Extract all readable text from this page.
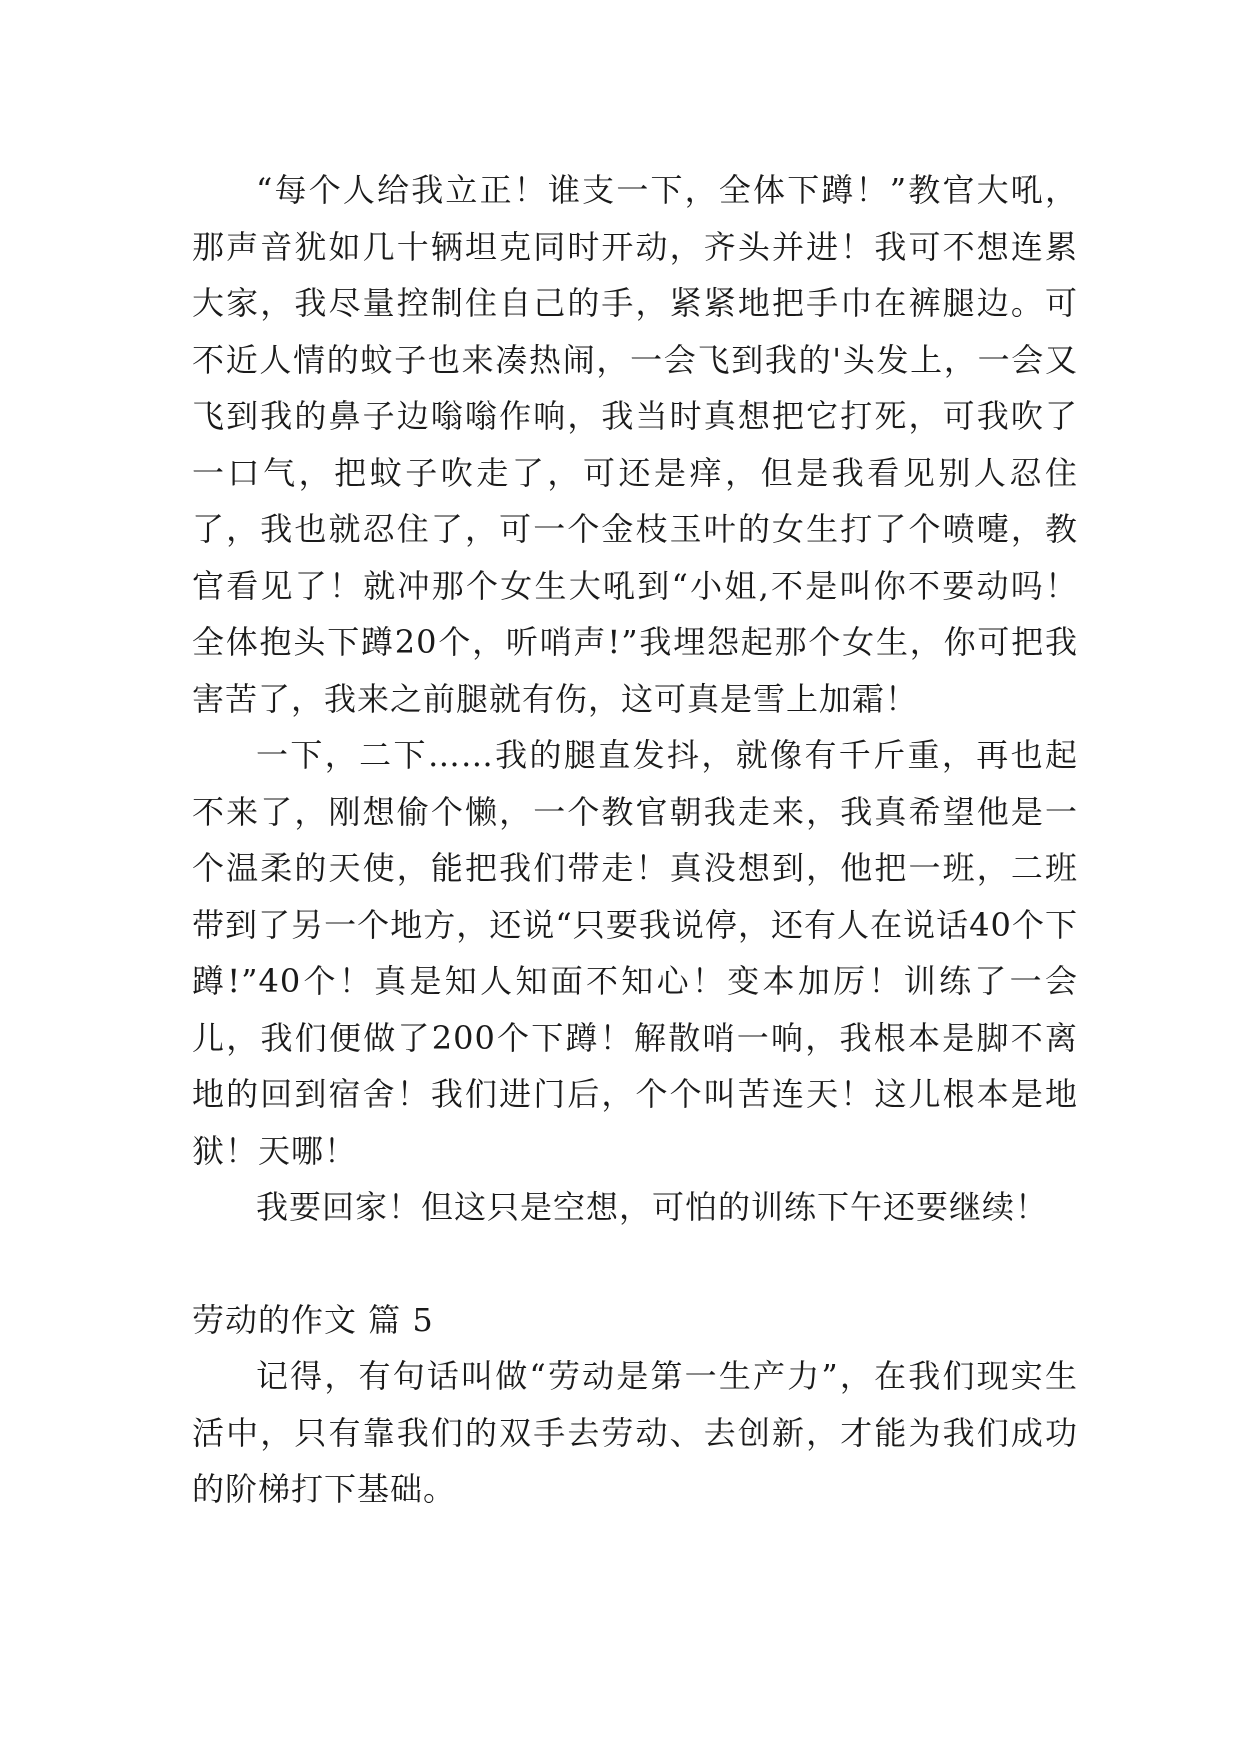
“每个人给我立正！谁支一下，全体下蹲！”教官大吼，那声音犹如几十辆坦克同时开动，齐头并进！我可不想连累大家，我尽量控制住自己的手，紧紧地把手巾在裤腿边。可不近人情的蚊子也来凑热闹，一会飞到我的'头发上，一会又飞到我的鼻子边嗡嗡作响，我当时真想把它打死，可我吹了一口气，把蚊子吹走了，可还是痒，但是我看见别人忍住了，我也就忍住了，可一个金枝玉叶的女生打了个喷嚏，教官看见了！就冲那个女生大吼到“小姐,不是叫你不要动吗！全体抱头下蹲20个，听哨声!”我埋怨起那个女生，你可把我害苦了，我来之前腿就有伤，这可真是雪上加霜！

一下，二下……我的腿直发抖，就像有千斤重，再也起不来了，刚想偷个懒，一个教官朝我走来，我真希望他是一个温柔的天使，能把我们带走！真没想到，他把一班，二班带到了另一个地方，还说“只要我说停，还有人在说话40个下蹲!”40个！真是知人知面不知心！变本加厉！训练了一会儿，我们便做了200个下蹲！解散哨一响，我根本是脚不离地的回到宿舍！我们进门后，个个叫苦连天！这儿根本是地狱！天哪！

我要回家！但这只是空想，可怕的训练下午还要继续！

劳动的作文 篇 5

记得，有句话叫做“劳动是第一生产力”，在我们现实生活中，只有靠我们的双手去劳动、去创新，才能为我们成功的阶梯打下基础。
